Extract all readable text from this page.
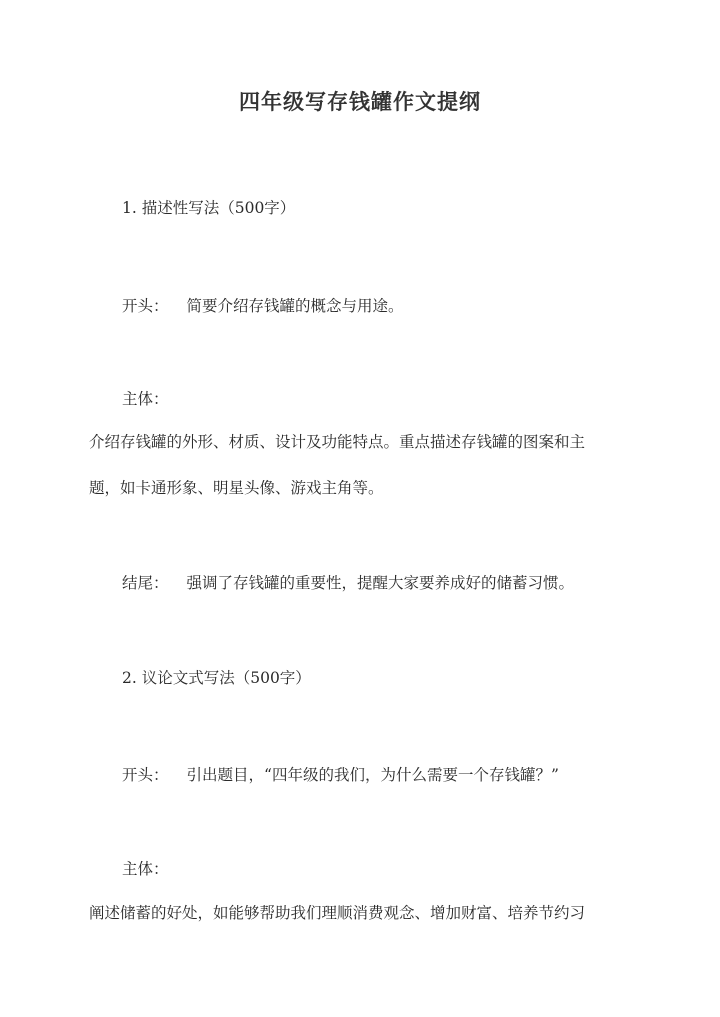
四年级写存钱罐作文提纲
1. 描述性写法（500字）
开头： 简要介绍存钱罐的概念与用途。
主体：
介绍存钱罐的外形、材质、设计及功能特点。重点描述存钱罐的图案和主
题，如卡通形象、明星头像、游戏主角等。
结尾： 强调了存钱罐的重要性，提醒大家要养成好的储蓄习惯。
2. 议论文式写法（500字）
开头： 引出题目，“四年级的我们，为什么需要一个存钱罐？”
主体：
阐述储蓄的好处，如能够帮助我们理顺消费观念、增加财富、培养节约习
